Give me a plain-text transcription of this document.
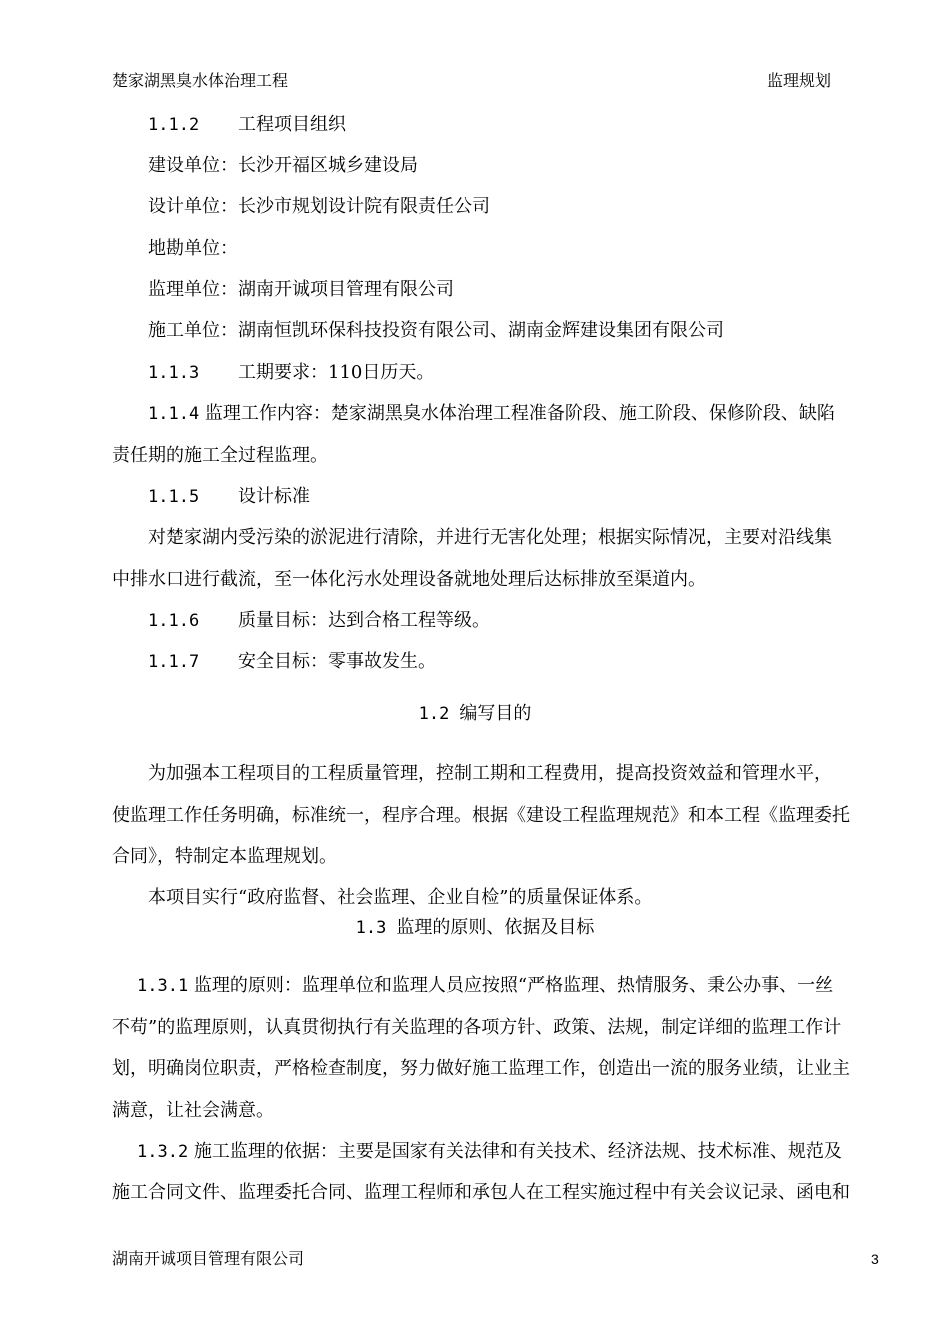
楚家湖黑臭水体治理工程	监理规划
1.1.2 工程项目组织
建设单位：长沙开福区城乡建设局
设计单位：长沙市规划设计院有限责任公司
地勘单位：
监理单位：湖南开诚项目管理有限公司
施工单位：湖南恒凯环保科技投资有限公司、湖南金辉建设集团有限公司
1.1.3 工期要求：110日历天。
1.1.4 监理工作内容：楚家湖黑臭水体治理工程准备阶段、施工阶段、保修阶段、缺陷
责任期的施工全过程监理。
1.1.5 设计标准
对楚家湖内受污染的淤泥进行清除，并进行无害化处理；根据实际情况，主要对沿线集
中排水口进行截流，至一体化污水处理设备就地处理后达标排放至渠道内。
1.1.6 质量目标：达到合格工程等级。
1.1.7 安全目标：零事故发生。
1.2 编写目的
为加强本工程项目的工程质量管理，控制工期和工程费用，提高投资效益和管理水平，
使监理工作任务明确，标准统一，程序合理。根据《建设工程监理规范》和本工程《监理委托
合同》，特制定本监理规划。
本项目实行“政府监督、社会监理、企业自检”的质量保证体系。
1.3 监理的原则、依据及目标
1.3.1 监理的原则：监理单位和监理人员应按照“严格监理、热情服务、秉公办事、一丝
不苟”的监理原则，认真贯彻执行有关监理的各项方针、政策、法规，制定详细的监理工作计
划，明确岗位职责，严格检查制度，努力做好施工监理工作，创造出一流的服务业绩，让业主
满意，让社会满意。
1.3.2 施工监理的依据：主要是国家有关法律和有关技术、经济法规、技术标准、规范及
施工合同文件、监理委托合同、监理工程师和承包人在工程实施过程中有关会议记录、函电和
湖南开诚项目管理有限公司	3
